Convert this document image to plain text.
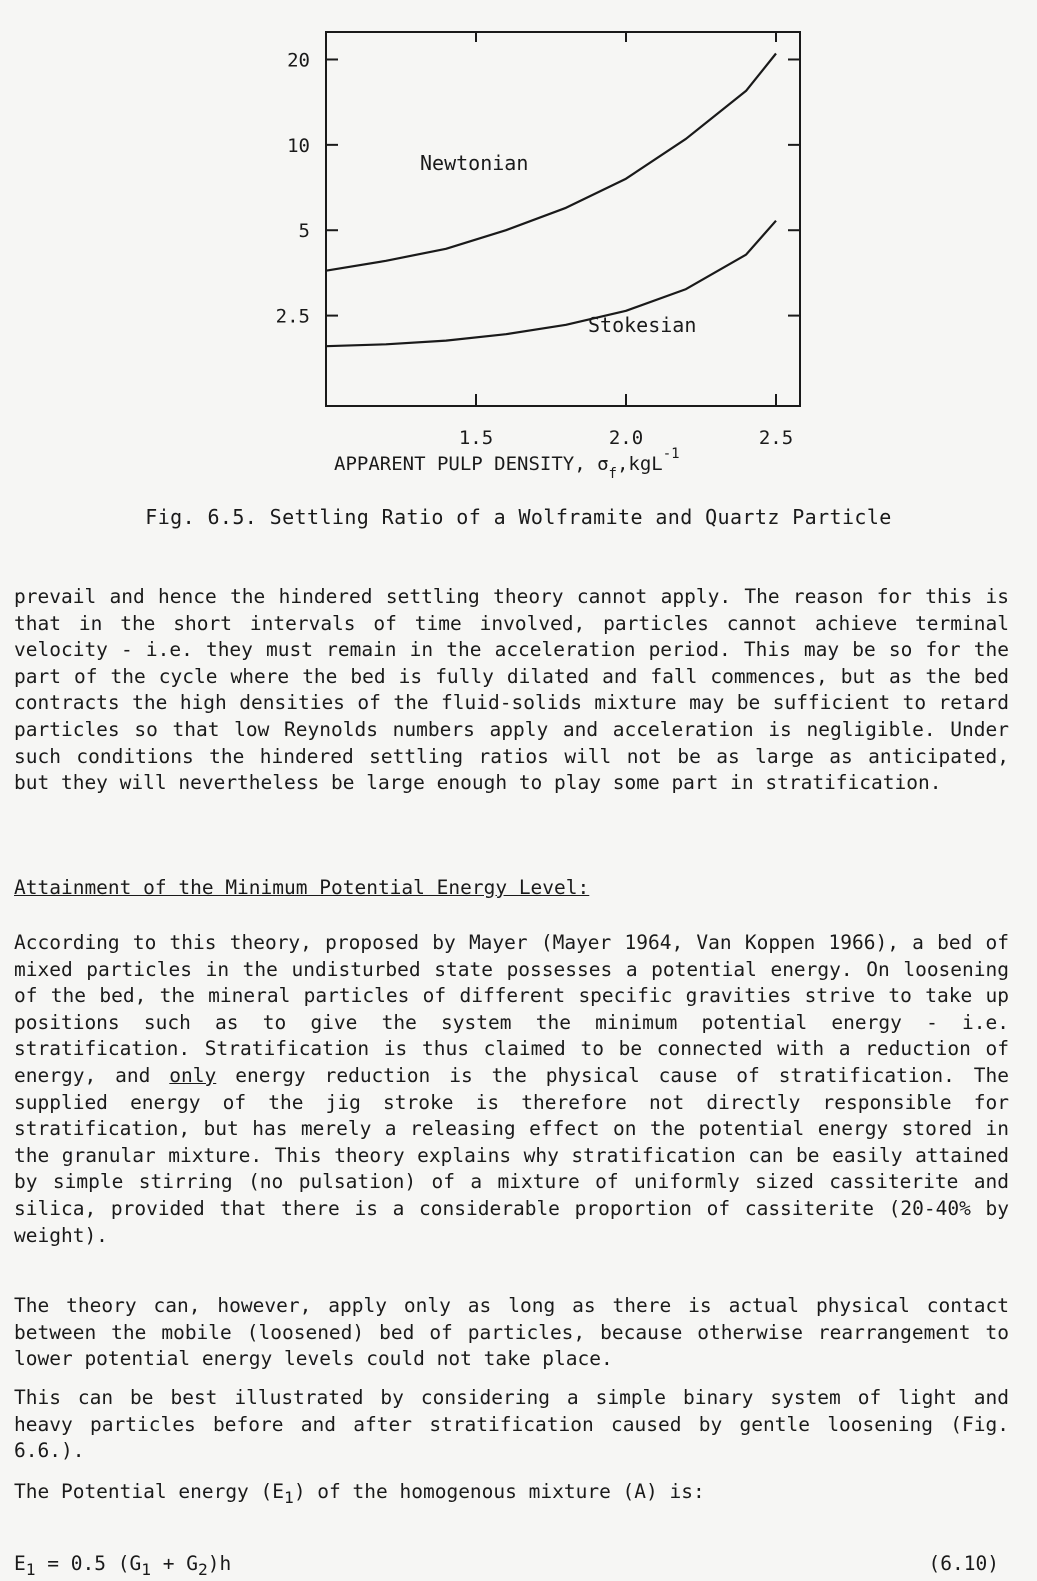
2.5
5
10
20
1.5	2.0	2.5
Newtonian
Stokesian
APPARENT PULP DENSITY, $\sigma_f,kgL^{-1}$
Fig. 6.5. Settling Ratio of a Wolframite and Quartz Particle

prevail and hence the hindered settling theory cannot apply. The reason for this is that in the short intervals of time involved, particles cannot achieve terminal velocity - i.e. they must remain in the acceleration period. This may be so for the part of the cycle where the bed is fully dilated and fall commences, but as the bed contracts the high densities of the fluid-solids mixture may be sufficient to retard particles so that low Reynolds numbers apply and acceleration is negligible. Under such conditions the hindered settling ratios will not be as large as anticipated, but they will nevertheless be large enough to play some part in stratification.

Attainment of the Minimum Potential Energy Level:

According to this theory, proposed by Mayer (Mayer 1964, Van Koppen 1966), a bed of mixed particles in the undisturbed state possesses a potential energy. On loosening of the bed, the mineral particles of different specific gravities strive to take up positions such as to give the system the minimum potential energy - i.e. stratification. Stratification is thus claimed to be connected with a reduction of energy, and only energy reduction is the physical cause of stratification. The supplied energy of the jig stroke is therefore not directly responsible for stratification, but has merely a releasing effect on the potential energy stored in the granular mixture. This theory explains why stratification can be easily attained by simple stirring (no pulsation) of a mixture of uniformly sized cassiterite and silica, provided that there is a considerable proportion of cassiterite (20-40% by weight).

The theory can, however, apply only as long as there is actual physical contact between the mobile (loosened) bed of particles, because otherwise rearrangement to lower potential energy levels could not take place.

This can be best illustrated by considering a simple binary system of light and heavy particles before and after stratification caused by gentle loosening (Fig. 6.6.).

The Potential energy $(E_1)$ of the homogenous mixture (A) is:

$E_1 = 0.5$ $(G_1 + G_2)h$	(6.10)
